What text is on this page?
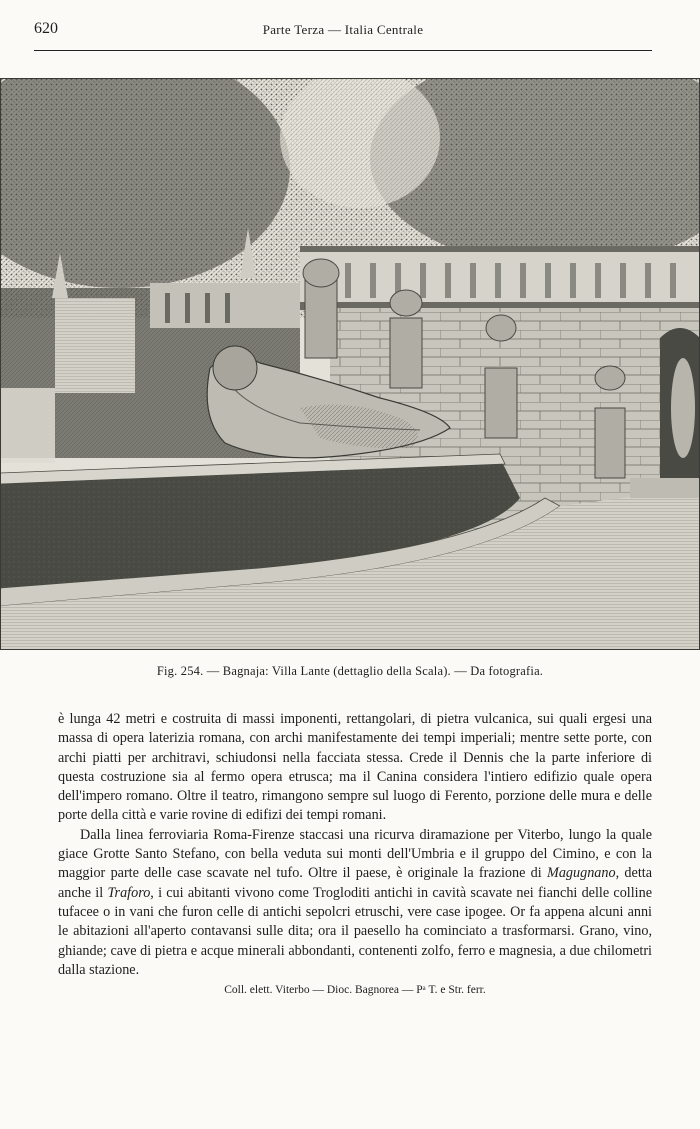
620	Parte Terza — Italia Centrale
Fig. 254. — Bagnaja: Villa Lante (dettaglio della Scala). — Da fotografia.

è lunga 42 metri e costruita di massi imponenti, rettangolari, di pietra vulcanica, sui quali ergesi una massa di opera laterizia romana, con archi manifestamente dei tempi imperiali; mentre sette porte, con archi piatti per architravi, schiudonsi nella facciata stessa. Crede il Dennis che la parte inferiore di questa costruzione sia al fermo opera etrusca; ma il Canina considera l'intiero edifizio quale opera dell'impero romano. Oltre il teatro, rimangono sempre sul luogo di Ferento, porzione delle mura e delle porte della città e varie rovine di edifizi dei tempi romani.

Dalla linea ferroviaria Roma-Firenze staccasi una ricurva diramazione per Viterbo, lungo la quale giace Grotte Santo Stefano, con bella veduta sui monti dell'Umbria e il gruppo del Cimino, e con la maggior parte delle case scavate nel tufo. Oltre il paese, è originale la frazione di Magugnano, detta anche il Traforo, i cui abitanti vivono come Trogloditi antichi in cavità scavate nei fianchi delle colline tufacee o in vani che furon celle di antichi sepolcri etruschi, vere case ipogee. Or fa appena alcuni anni le abitazioni all'aperto contavansi sulle dita; ora il paesello ha cominciato a trasformarsi. Grano, vino, ghiande; cave di pietra e acque minerali abbondanti, contenenti zolfo, ferro e magnesia, a due chilometri dalla stazione.

Coll. elett. Viterbo — Dioc. Bagnorea — Pᵃ T. e Str. ferr.
